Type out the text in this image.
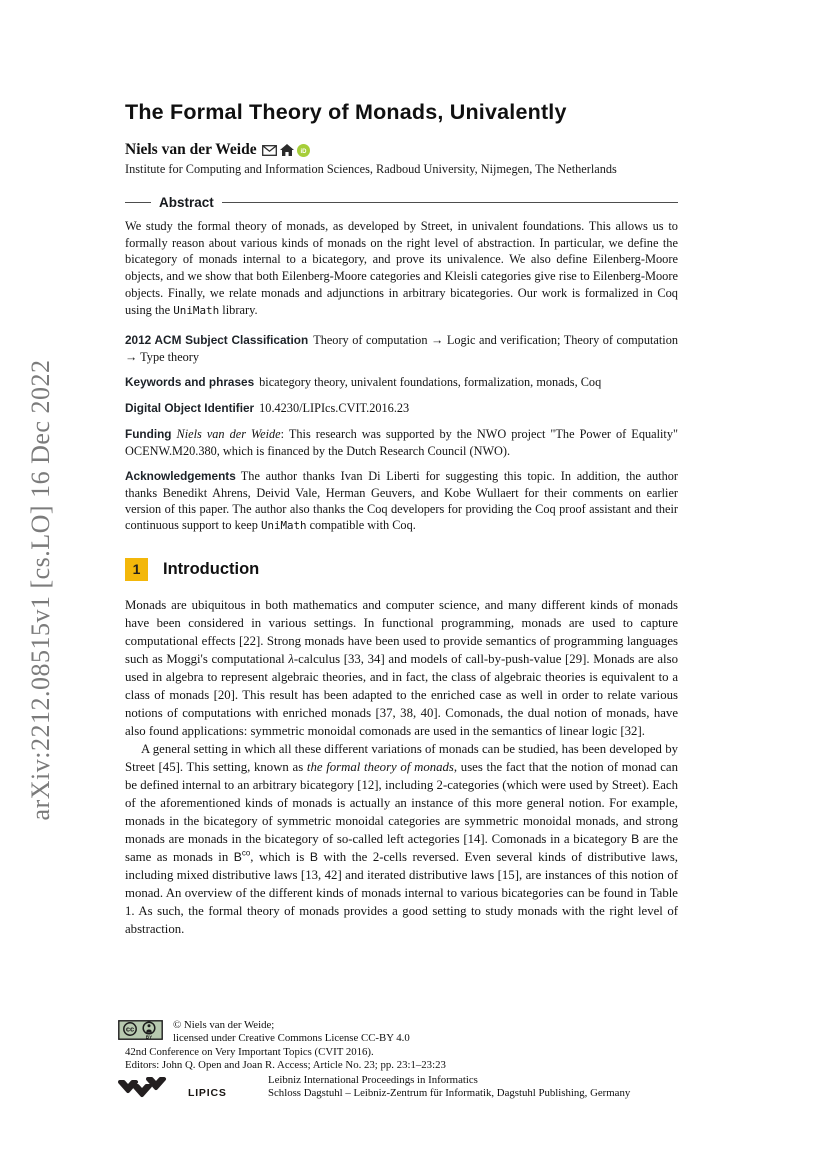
arXiv:2212.08515v1 [cs.LO] 16 Dec 2022
The Formal Theory of Monads, Univalently
Niels van der Weide	iD
Institute for Computing and Information Sciences, Radboud University, Nijmegen, The Netherlands
Abstract

We study the formal theory of monads, as developed by Street, in univalent foundations. This allows us to formally reason about various kinds of monads on the right level of abstraction. In particular, we define the bicategory of monads internal to a bicategory, and prove its univalence. We also define Eilenberg-Moore objects, and we show that both Eilenberg-Moore categories and Kleisli categories give rise to Eilenberg-Moore objects. Finally, we relate monads and adjunctions in arbitrary bicategories. Our work is formalized in Coq using the UniMath library.

2012 ACM Subject Classification Theory of computation → Logic and verification; Theory of computation → Type theory
Keywords and phrases bicategory theory, univalent foundations, formalization, monads, Coq
Digital Object Identifier 10.4230/LIPIcs.CVIT.2016.23
Funding Niels van der Weide: This research was supported by the NWO project "The Power of Equality" OCENW.M20.380, which is financed by the Dutch Research Council (NWO).
Acknowledgements The author thanks Ivan Di Liberti for suggesting this topic. In addition, the author thanks Benedikt Ahrens, Deivid Vale, Herman Geuvers, and Kobe Wullaert for their comments on earlier version of this paper. The author also thanks the Coq developers for providing the Coq proof assistant and their continuous support to keep UniMath compatible with Coq.
1	Introduction

Monads are ubiquitous in both mathematics and computer science, and many different kinds of monads have been considered in various settings. In functional programming, monads are used to capture computational effects [22]. Strong monads have been used to provide semantics of programming languages such as Moggi's computational λ-calculus [33, 34] and models of call-by-push-value [29]. Monads are also used in algebra to represent algebraic theories, and in fact, the class of algebraic theories is equivalent to a class of monads [20]. This result has been adapted to the enriched case as well in order to relate various notions of computations with enriched monads [37, 38, 40]. Comonads, the dual notion of monads, have also found applications: symmetric monoidal comonads are used in the semantics of linear logic [32].

A general setting in which all these different variations of monads can be studied, has been developed by Street [45]. This setting, known as the formal theory of monads, uses the fact that the notion of monad can be defined internal to an arbitrary bicategory [12], including 2-categories (which were used by Street). Each of the aforementioned kinds of monads is actually an instance of this more general notion. For example, monads in the bicategory of symmetric monoidal categories are symmetric monoidal monads, and strong monads are monads in the bicategory of so-called left actegories [14]. Comonads in a bicategory B are the same as monads in $B^{co}$, which is B with the 2-cells reversed. Even several kinds of distributive laws, including mixed distributive laws [13, 42] and iterated distributive laws [15], are instances of this notion of monad. An overview of the different kinds of monads internal to various bicategories can be found in Table 1. As such, the formal theory of monads provides a good setting to study monads with the right level of abstraction.

cc
BY
© Niels van der Weide;
licensed under Creative Commons License CC-BY 4.0
42nd Conference on Very Important Topics (CVIT 2016).
Editors: John Q. Open and Joan R. Access; Article No. 23; pp. 23:1–23:23
Leibniz International Proceedings in Informatics
LIPICS	Schloss Dagstuhl – Leibniz-Zentrum für Informatik, Dagstuhl Publishing, Germany
